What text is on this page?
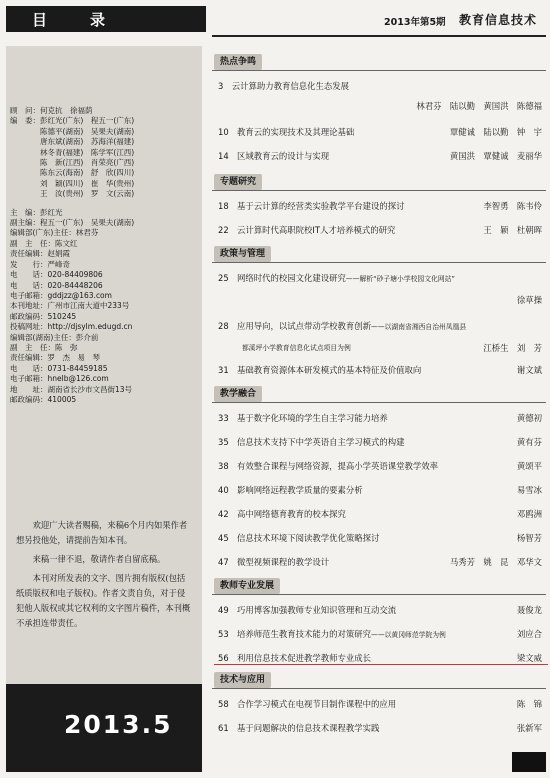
目	录	2013年第5期 教育信息技术
顾　问：何克抗　徐福荫
编　委：彭红光(广东)　程五一(广东)
　　　　陈德平(湖南)　吴果夫(湖南)
　　　　唐东斌(湖南)　苏海洋(福建)
　　　　林冬青(福建)　陈学军(江西)
　　　　陈　新(江西)　肖荣亮(广西)
　　　　陈东云(海南)　舒　欣(四川)
　　　　刘　颖(四川)　崔　华(贵州)
　　　　王　汝(贵州)　罗　文(云南)
主　编：彭红光
副主编：程五一(广东)　吴果夫(湖南)
编辑部(广东)主任：林君芬
副　主　任：陈文红
责任编辑：赵娟霞
发　　行：严峰奇
电　　话：020-84409806
电　　话：020-84448206
电子邮箱：gddjzz@163.com
本刊地址：广州市江南大道中233号
邮政编码：510245
投稿网址：http://djsylm.edugd.cn
编辑部(湖南)主任：彭介前
副　主　任：陈　弥
责任编辑：罗　杰　易　琴
电　　话：0731-84459185
电子邮箱：hnelb@126.com
地　　址：湖南省长沙市文昌街13号
邮政编码：410005

欢迎广大读者赐稿，来稿6个月内如果作者想另投他处，请提前告知本刊。

来稿一律不退，敬请作者自留底稿。

本刊对所发表的文字、图片拥有版权(包括纸质版权和电子版权)。作者文责自负，对于侵犯他人版权或其它权利的文字图片稿件，本刊概不承担连带责任。

2013.5
热点争鸣
3　 云计算助力教育信息化生态发展
林君芬　陆以勤　黄国洪　陈德福
10　 教育云的实现技术及其理论基础	覃健诚　陆以勤　钟　宇
14　 区域教育云的设计与实现	黄国洪　覃健诚　麦丽华
专题研究
18　 基于云计算的经营类实验教学平台建设的探讨	李智勇　陈韦伶
22　 云计算时代高职院校IT人才培养模式的研究	王　颖　杜朝晖
政策与管理
25　 网络时代的校园文化建设研究——解析“砂子塘小学校园文化网站”
徐草操
28　 应用导向，以试点带动学校教育创新——以湖南省湘西自治州凤凰县
都溪坪小学教育信息化试点项目为例	江桥生　刘　芳
31　 基础教育资源体本研发模式的基本特征及价值取向	谢文斌
教学融合
33　 基于数字化环境的学生自主学习能力培养	黄德初
35　 信息技术支持下中学英语自主学习模式的构建	黄有芬
38　 有效整合课程与网络资源，提高小学英语课堂教学效率	黄颂平
40　 影响网络远程教学质量的要素分析	易雪冰
42　 高中网络德育教育的校本探究	邓鸥洲
45　 信息技术环境下阅读教学优化策略探讨	杨智芳
47　 微型视频课程的教学设计	马秀芳　姚　昆　邓华文
教师专业发展
49　 巧用博客加强教师专业知识管理和互动交流	聂俊龙
53　 培养师范生教育技术能力的对策研究——以黄冈师范学院为例	刘应合
56　 利用信息技术促进教学教师专业成长	梁文威
技术与应用
58　 合作学习模式在电视节目制作课程中的应用	陈　锦
61　 基于问题解决的信息技术课程教学实践	张新军
